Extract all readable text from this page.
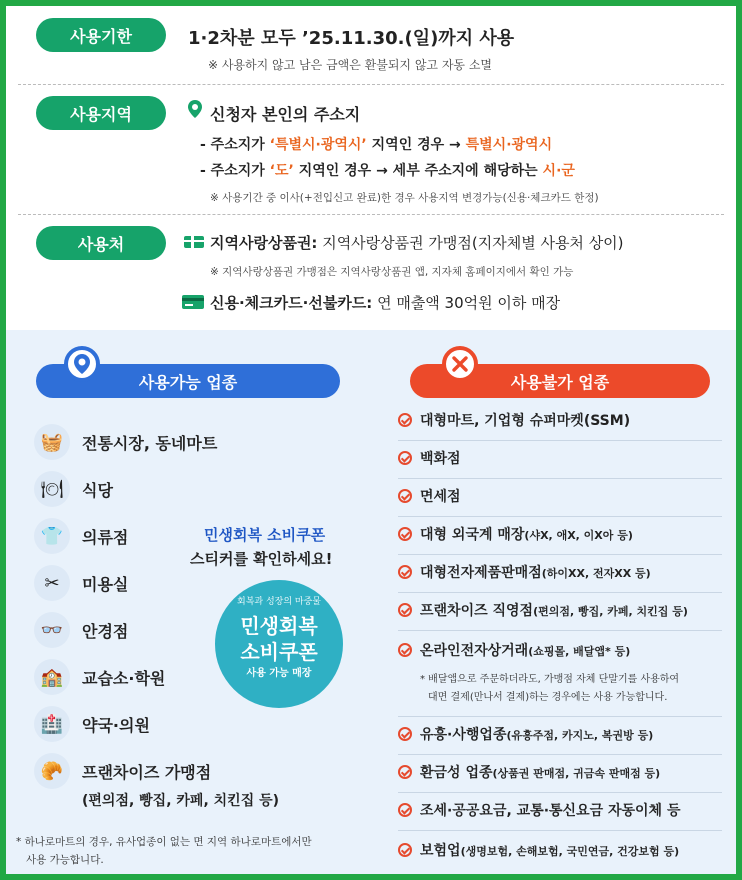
사용기한	1·2차분 모두 ’25.11.30.(일)까지 사용
※ 사용하지 않고 남은 금액은 환불되지 않고 자동 소멸
사용지역	신청자 본인의 주소지
- 주소지가 ‘특별시·광역시’ 지역인 경우 → 특별시·광역시
- 주소지가 ‘도’ 지역인 경우 → 세부 주소지에 해당하는 시·군
※ 사용기간 중 이사(+전입신고 완료)한 경우 사용지역 변경가능(신용·체크카드 한정)
사용처	지역사랑상품권: 지역사랑상품권 가맹점(지자체별 사용처 상이)
※ 지역사랑상품권 가맹점은 지역사랑상품권 앱, 지자체 홈페이지에서 확인 가능
신용·체크카드·선불카드: 연 매출액 30억원 이하 매장
사용가능 업종	사용불가 업종
🧺	전통시장, 동네마트
🍽	식당
👕	의류점
✂	미용실
👓	안경점
🏫	교습소·학원
🏥	약국·의원
🥐	프랜차이즈 가맹점
(편의점, 빵집, 카페, 치킨집 등)
민생회복 소비쿠폰
스티커를 확인하세요!
회복과 성장의 마중물
민생회복
소비쿠폰
사용 가능 매장
* 하나로마트의 경우, 유사업종이 없는 면 지역 하나로마트에서만
사용 가능합니다.
대형마트, 기업형 슈퍼마켓(SSM)
백화점
면세점
대형 외국계 매장 (샤X, 애X, 이X아 등)
대형전자제품판매점 (하이XX, 전자XX 등)
프랜차이즈 직영점 (편의점, 빵집, 카페, 치킨집 등)
온라인전자상거래 (쇼핑몰, 배달앱* 등)
* 배달앱으로 주문하더라도, 가맹점 자체 단말기를 사용하여
대면 결제(만나서 결제)하는 경우에는 사용 가능합니다.
유흥·사행업종 (유흥주점, 카지노, 복권방 등)
환금성 업종 (상품권 판매점, 귀금속 판매점 등)
조세·공공요금, 교통·통신요금 자동이체 등
보험업 (생명보험, 손해보험, 국민연금, 건강보험 등)
